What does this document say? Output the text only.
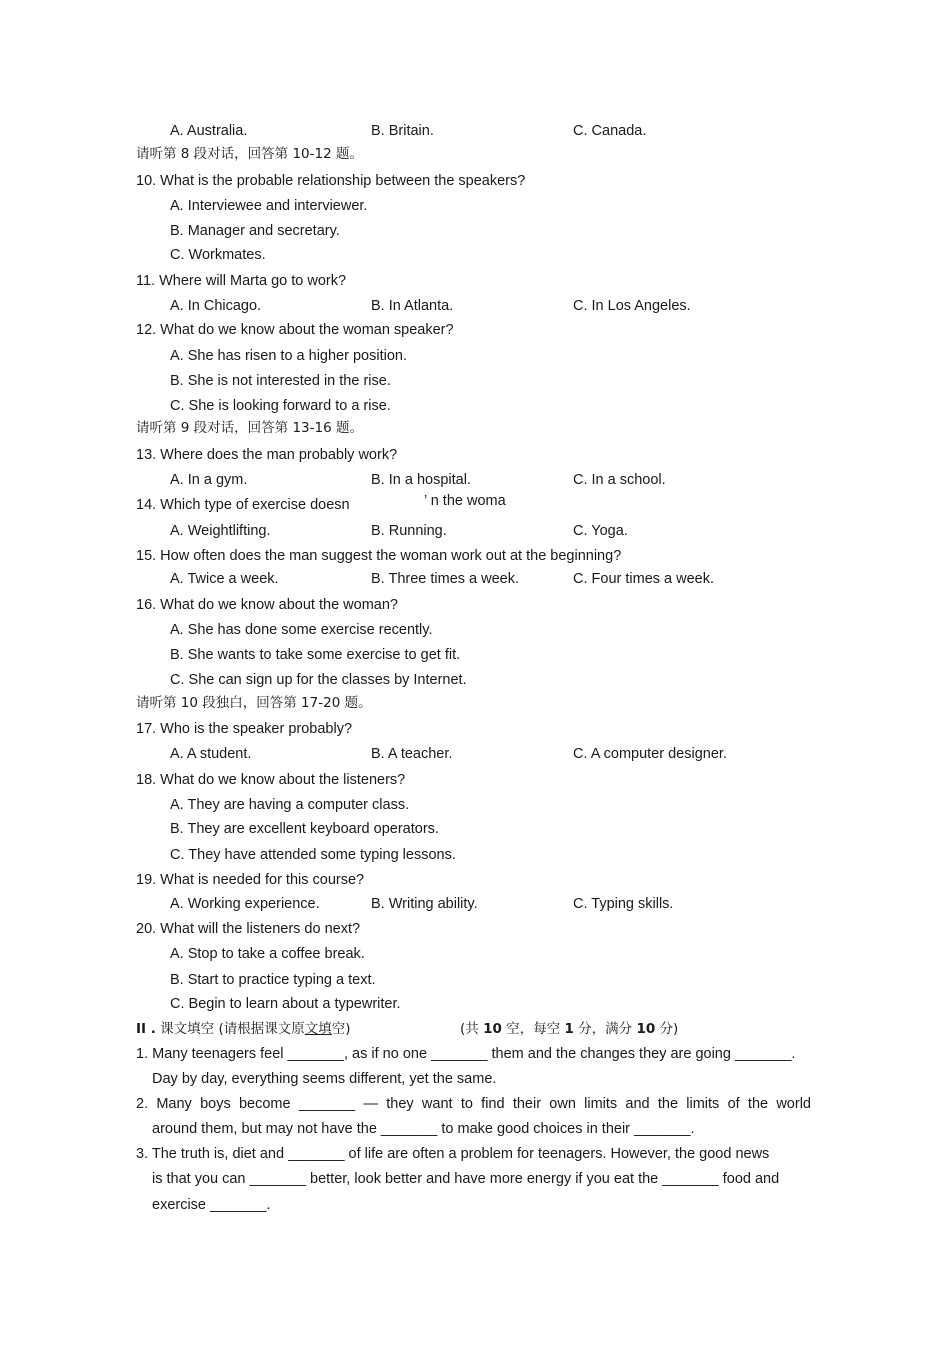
A. Australia.	B. Britain.	C. Canada.
请听第 8 段对话，回答第 10-12 题。
10. What is the probable relationship between the speakers?
A. Interviewee and interviewer.
B. Manager and secretary.
C. Workmates.
11. Where will Marta go to work?
A. In Chicago.	B. In Atlanta.	C. In Los Angeles.
12. What do we know about the woman speaker?
A. She has risen to a higher position.
B. She is not interested in the rise.
C. She is looking forward to a rise.
请听第 9 段对话，回答第 13-16 题。
13. Where does the man probably work?
A. In a gym.	B. In a hospital.	C. In a school.
14. Which type of exercise doesn	’ n the woma
A. Weightlifting.	B. Running.	C. Yoga.
15. How often does the man suggest the woman work out at the beginning?
A. Twice a week.	B. Three times a week.	C. Four times a week.
16. What do we know about the woman?
A. She has done some exercise recently.
B. She wants to take some exercise to get fit.
C. She can sign up for the classes by Internet.
请听第 10 段独白，回答第 17-20 题。
17. Who is the speaker probably?
A. A student.	B. A teacher.	C. A computer designer.
18. What do we know about the listeners?
A. They are having a computer class.
B. They are excellent keyboard operators.
C. They have attended some typing lessons.
19. What is needed for this course?
A. Working experience.	B. Writing ability.	C. Typing skills.
20. What will the listeners do next?
A. Stop to take a coffee break.
B. Start to practice typing a text.
C. Begin to learn about a typewriter.
II . 课文填空 (请根据课文原文填空)	(共 10 空，每空 1 分，满分 10 分)
1. Many teenagers feel _______, as if no one _______ them and the changes they are going _______.
Day by day, everything seems different, yet the same.
2. Many boys become _______ — they want to find their own limits and the limits of the world
around them, but may not have the _______ to make good choices in their _______.
3. The truth is, diet and _______ of life are often a problem for teenagers. However, the good news
is that you can _______ better, look better and have more energy if you eat the _______ food and
exercise _______.
